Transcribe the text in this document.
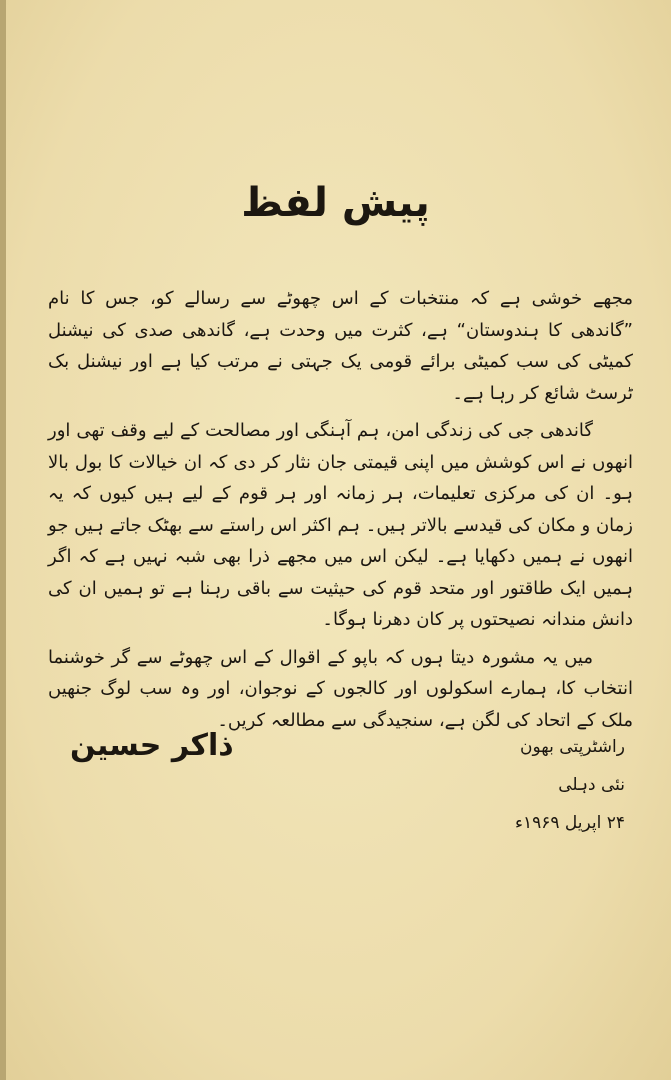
پیش لفظ

مجھے خوشی ہے کہ منتخبات کے اس چھوٹے سے رسالے کو، جس کا نام ”گاندھی کا ہندوستان“ ہے، کثرت میں وحدت ہے، گاندھی صدی کی نیشنل کمیٹی کی سب کمیٹی برائے قومی یک جہتی نے مرتب کیا ہے اور نیشنل بک ٹرسٹ شائع کر رہا ہے۔

گاندھی جی کی زندگی امن، ہم آہنگی اور مصالحت کے لیے وقف تھی اور انھوں نے اس کوشش میں اپنی قیمتی جان نثار کر دی کہ ان خیالات کا بول بالا ہو۔ ان کی مرکزی تعلیمات، ہر زمانہ اور ہر قوم کے لیے ہیں کیوں کہ یہ زمان و مکان کی قیدسے بالاتر ہیں۔ ہم اکثر اس راستے سے بھٹک جاتے ہیں جو انھوں نے ہمیں دکھایا ہے۔ لیکن اس میں مجھے ذرا بھی شبہ نہیں ہے کہ اگر ہمیں ایک طاقتور اور متحد قوم کی حیثیت سے باقی رہنا ہے تو ہمیں ان کی دانش مندانہ نصیحتوں پر کان دھرنا ہوگا۔

میں یہ مشورہ دیتا ہوں کہ باپو کے اقوال کے اس چھوٹے سے گر خوشنما انتخاب کا، ہمارے اسکولوں اور کالجوں کے نوجوان، اور وہ سب لوگ جنھیں ملک کے اتحاد کی لگن ہے، سنجیدگی سے مطالعہ کریں۔

راشٹرپتی بھون
نئی دہلی
۲۴ اپریل ۱۹۶۹ء
ذاکر حسین
